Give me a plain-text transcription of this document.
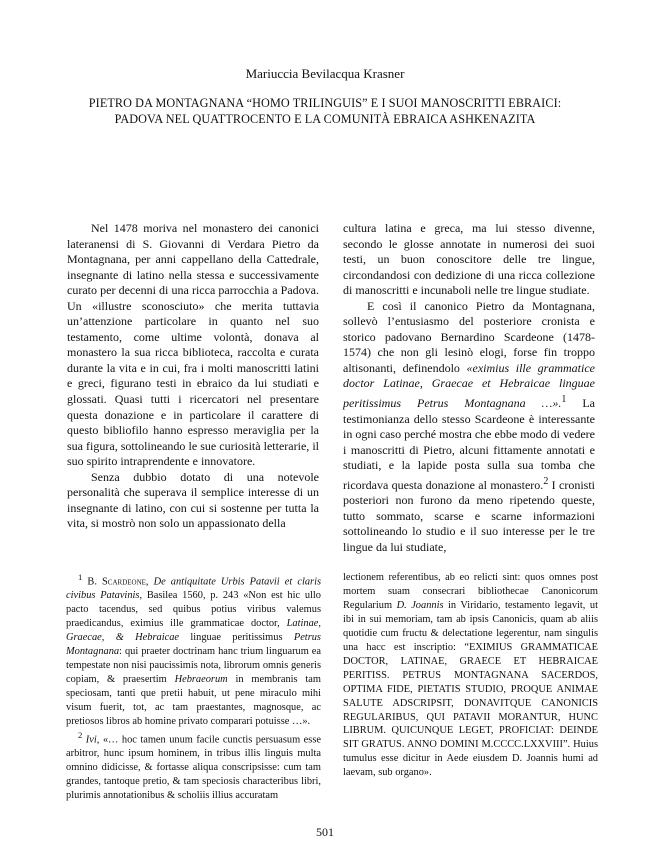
Mariuccia Bevilacqua Krasner
PIETRO DA MONTAGNANA “HOMO TRILINGUIS” E I SUOI MANOSCRITTI EBRAICI:
PADOVA NEL QUATTROCENTO E LA COMUNITÀ EBRAICA ASHKENAZITA

Nel 1478 moriva nel monastero dei canonici lateranensi di S. Giovanni di Verdara Pietro da Montagnana, per anni cappellano della Cattedrale, insegnante di latino nella stessa e successivamente curato per decenni di una ricca parrocchia a Padova. Un «illustre sconosciuto» che merita tuttavia un’attenzione particolare in quanto nel suo testamento, come ultime volontà, donava al monastero la sua ricca biblioteca, raccolta e curata durante la vita e in cui, fra i molti manoscritti latini e greci, figurano testi in ebraico da lui studiati e glossati. Quasi tutti i ricercatori nel presentare questa donazione e in particolare il carattere di questo bibliofilo hanno espresso meraviglia per la sua figura, sottolineando le sue curiosità letterarie, il suo spirito intraprendente e innovatore.

Senza dubbio dotato di una notevole personalità che superava il semplice interesse di un insegnante di latino, con cui si sostenne per tutta la vita, si mostrò non solo un appassionato della

cultura latina e greca, ma lui stesso divenne, secondo le glosse annotate in numerosi dei suoi testi, un buon conoscitore delle tre lingue, circondandosi con dedizione di una ricca collezione di manoscritti e incunaboli nelle tre lingue studiate.

E così il canonico Pietro da Montagnana, sollevò l’entusiasmo del posteriore cronista e storico padovano Bernardino Scardeone (1478-1574) che non gli lesinò elogi, forse fin troppo altisonanti, definendolo «eximius ille grammatice doctor Latinae, Graecae et Hebraicae linguae peritissimus Petrus Montagnana …».$^1$ La testimonianza dello stesso Scardeone è interessante in ogni caso perché mostra che ebbe modo di vedere i manoscritti di Pietro, alcuni fittamente annotati e studiati, e la lapide posta sulla sua tomba che ricordava questa donazione al monastero.$^2$ I cronisti posteriori non furono da meno ripetendo queste, tutto sommato, scarse e scarne informazioni sottolineando lo studio e il suo interesse per le tre lingue da lui studiate,

$^1$ B. Scardeone, De antiquitate Urbis Patavii et claris civibus Patavinis, Basilea 1560, p. 243 «Non est hic ullo pacto tacendus, sed quibus potius viribus valemus praedicandus, eximius ille grammaticae doctor, Latinae, Graecae, & Hebraicae linguae peritissimus Petrus Montagnana: qui praeter doctrinam hanc trium linguarum ea tempestate non nisi paucissimis nota, librorum omnis generis copiam, & praesertim Hebraeorum in membranis tam speciosam, tanti que pretii habuit, ut pene miraculo mihi visum fuerit, tot, ac tam praestantes, magnosque, ac pretiosos libros ab homine privato comparari potuisse …».

$^2$ Ivi, «… hoc tamen unum facile cunctis persuasum esse arbitror, hunc ipsum hominem, in tribus illis linguis multa omnino didicisse, & fortasse aliqua conscripsisse: cum tam grandes, tantoque pretio, & tam speciosis characteribus libri, plurimis annotationibus & scholiis illius accuratam

lectionem referentibus, ab eo relicti sint: quos omnes post mortem suam consecrari bibliothecae Canonicorum Regularium D. Joannis in Viridario, testamento legavit, ut ibi in sui memoriam, tam ab ipsis Canonicis, quam ab aliis quotidie cum fructu & delectatione legerentur, nam singulis una hacc est inscriptio: “EXIMIUS GRAMMATICAE DOCTOR, LATINAE, GRAECE ET HEBRAICAE PERITISS. PETRUS MONTAGNANA SACERDOS, OPTIMA FIDE, PIETATIS STUDIO, PROQUE ANIMAE SALUTE ADSCRIPSIT, DONAVITQUE CANONICIS REGULARIBUS, QUI PATAVII MORANTUR, HUNC LIBRUM. QUICUNQUE LEGET, PROFICIAT: DEINDE SIT GRATUS. ANNO DOMINI M.CCCC.LXXVIII”. Huius tumulus esse dicitur in Aede eiusdem D. Joannis humi ad laevam, sub organo».

501
